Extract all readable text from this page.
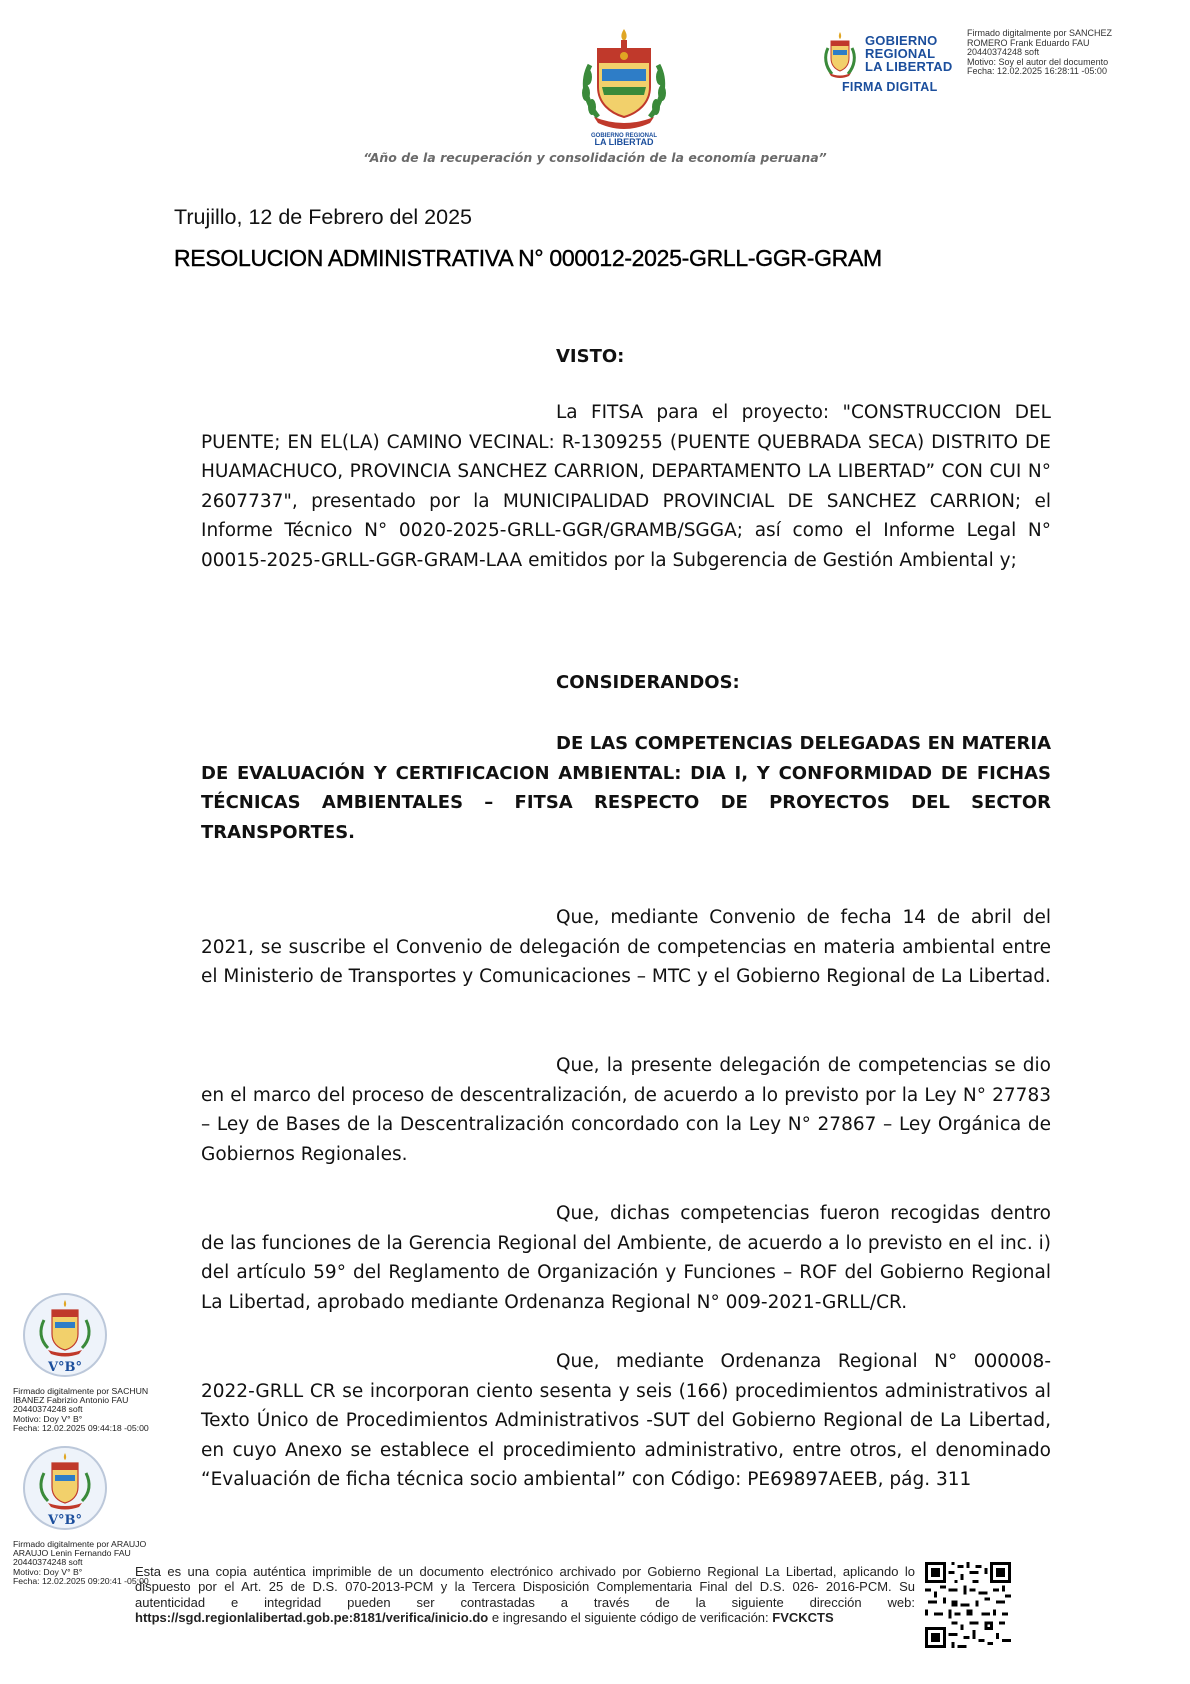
GOBIERNO REGIONAL
LA LIBERTAD
“Año de la recuperación y consolidación de la economía peruana”
GOBIERNO
REGIONAL
LA LIBERTAD
FIRMA DIGITAL
Firmado digitalmente por SANCHEZ
ROMERO Frank Eduardo FAU
20440374248 soft
Motivo: Soy el autor del documento
Fecha: 12.02.2025 16:28:11 -05:00
Trujillo, 12 de Febrero del 2025
RESOLUCION ADMINISTRATIVA N° 000012-2025-GRLL-GGR-GRAM
VISTO:
La FITSA para el proyecto: "CONSTRUCCION DEL PUENTE; EN EL(LA) CAMINO VECINAL: R-1309255 (PUENTE QUEBRADA SECA) DISTRITO DE HUAMACHUCO, PROVINCIA SANCHEZ CARRION, DEPARTAMENTO LA LIBERTAD” CON CUI N° 2607737", presentado por la MUNICIPALIDAD PROVINCIAL DE SANCHEZ CARRION; el Informe Técnico N° 0020-2025-GRLL-GGR/GRAMB/SGGA; así como el Informe Legal N° 00015-2025-GRLL-GGR-GRAM-LAA emitidos por la Subgerencia de Gestión Ambiental y;
CONSIDERANDOS:
DE LAS COMPETENCIAS DELEGADAS EN MATERIA DE EVALUACIÓN Y CERTIFICACION AMBIENTAL: DIA I, Y CONFORMIDAD DE FICHAS TÉCNICAS AMBIENTALES – FITSA RESPECTO DE PROYECTOS DEL SECTOR TRANSPORTES.
Que, mediante Convenio de fecha 14 de abril del 2021, se suscribe el Convenio de delegación de competencias en materia ambiental entre el Ministerio de Transportes y Comunicaciones – MTC y el Gobierno Regional de La Libertad.
Que, la presente delegación de competencias se dio en el marco del proceso de descentralización, de acuerdo a lo previsto por la Ley N° 27783 – Ley de Bases de la Descentralización concordado con la Ley N° 27867 – Ley Orgánica de Gobiernos Regionales.
Que, dichas competencias fueron recogidas dentro de las funciones de la Gerencia Regional del Ambiente, de acuerdo a lo previsto en el inc. i) del artículo 59° del Reglamento de Organización y Funciones – ROF del Gobierno Regional La Libertad, aprobado mediante Ordenanza Regional N° 009-2021-GRLL/CR.
Que, mediante Ordenanza Regional N° 000008-2022-GRLL CR se incorporan ciento sesenta y seis (166) procedimientos administrativos al Texto Único de Procedimientos Administrativos -SUT del Gobierno Regional de La Libertad, en cuyo Anexo se establece el procedimiento administrativo, entre otros, el denominado “Evaluación de ficha técnica socio ambiental” con Código: PE69897AEEB, pág. 311
V°B°
Firmado digitalmente por SACHUN
IBANEZ Fabrizio Antonio FAU
20440374248 soft
Motivo: Doy V° B°
Fecha: 12.02.2025 09:44:18 -05:00
V°B°
Firmado digitalmente por ARAUJO
ARAUJO Lenin Fernando FAU
20440374248 soft
Motivo: Doy V° B°
Fecha: 12.02.2025 09:20:41 -05:00
Esta es una copia auténtica imprimible de un documento electrónico archivado por Gobierno Regional La Libertad, aplicando lo dispuesto por el Art. 25 de D.S. 070-2013-PCM y la Tercera Disposición Complementaria Final del D.S. 026- 2016-PCM. Su autenticidad e integridad pueden ser contrastadas a través de la siguiente dirección web: https://sgd.regionlalibertad.gob.pe:8181/verifica/inicio.do e ingresando el siguiente código de verificación: FVCKCTS
